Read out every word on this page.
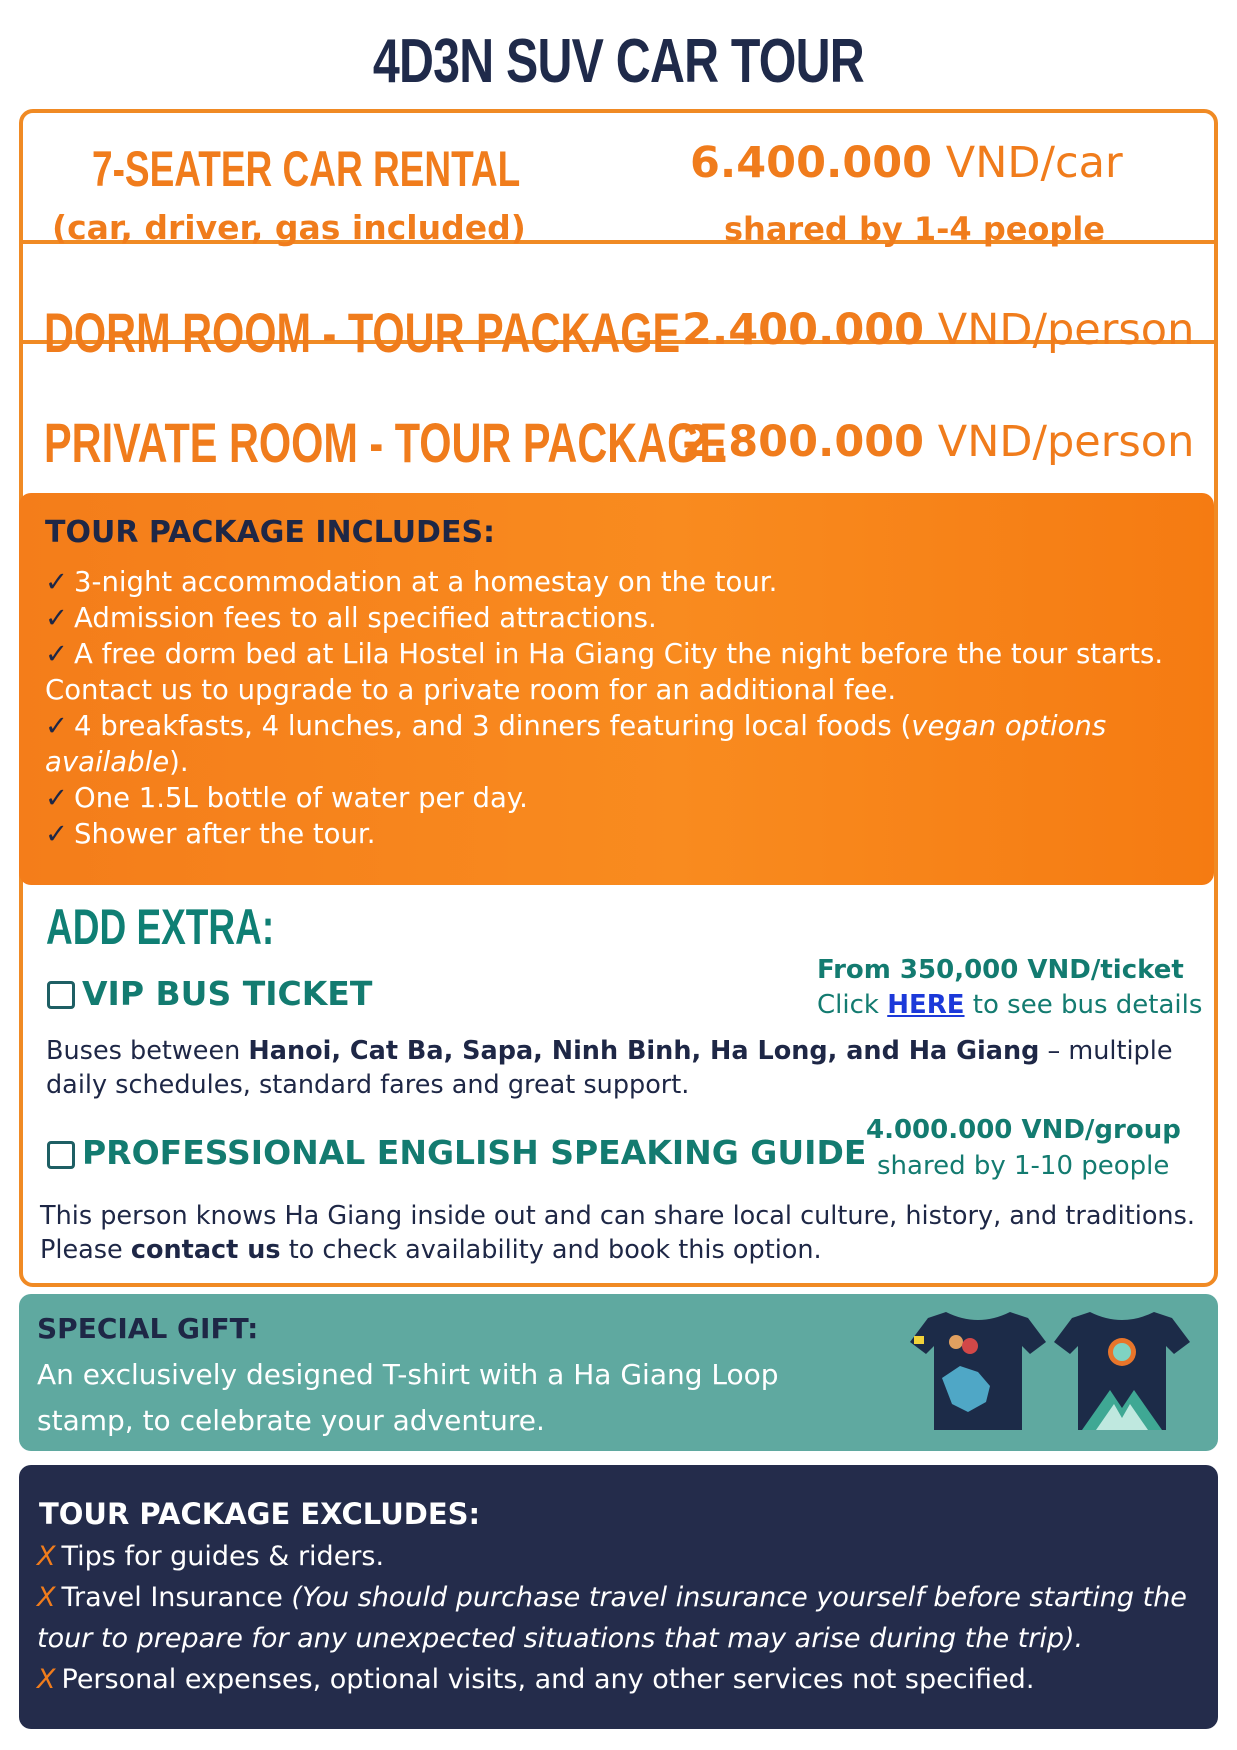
4D3N SUV CAR TOUR
7-SEATER CAR RENTAL
(car, driver, gas included)
6.400.000 VND/car
shared by 1-4 people
DORM ROOM - TOUR PACKAGE 2.400.000 VND/person
PRIVATE ROOM - TOUR PACKAGE
2.800.000 VND/person
TOUR PACKAGE INCLUDES:
✓ 3-night accommodation at a homestay on the tour.
✓ Admission fees to all specified attractions.
✓ A free dorm bed at Lila Hostel in Ha Giang City the night before the tour starts. Contact us to upgrade to a private room for an additional fee.
✓ 4 breakfasts, 4 lunches, and 3 dinners featuring local foods (vegan options available).
✓ One 1.5L bottle of water per day.
✓ Shower after the tour.
ADD EXTRA:
VIP BUS TICKET
From 350,000 VND/ticket
Click HERE to see bus details
Buses between Hanoi, Cat Ba, Sapa, Ninh Binh, Ha Long, and Ha Giang – multiple daily schedules, standard fares and great support.
PROFESSIONAL ENGLISH SPEAKING GUIDE
4.000.000 VND/group
shared by 1-10 people
This person knows Ha Giang inside out and can share local culture, history, and traditions.
Please contact us to check availability and book this option.
SPECIAL GIFT:
An exclusively designed T-shirt with a Ha Giang Loop stamp, to celebrate your adventure.
TOUR PACKAGE EXCLUDES:
X Tips for guides & riders.
X Travel Insurance (You should purchase travel insurance yourself before starting the tour to prepare for any unexpected situations that may arise during the trip).
X Personal expenses, optional visits, and any other services not specified.
